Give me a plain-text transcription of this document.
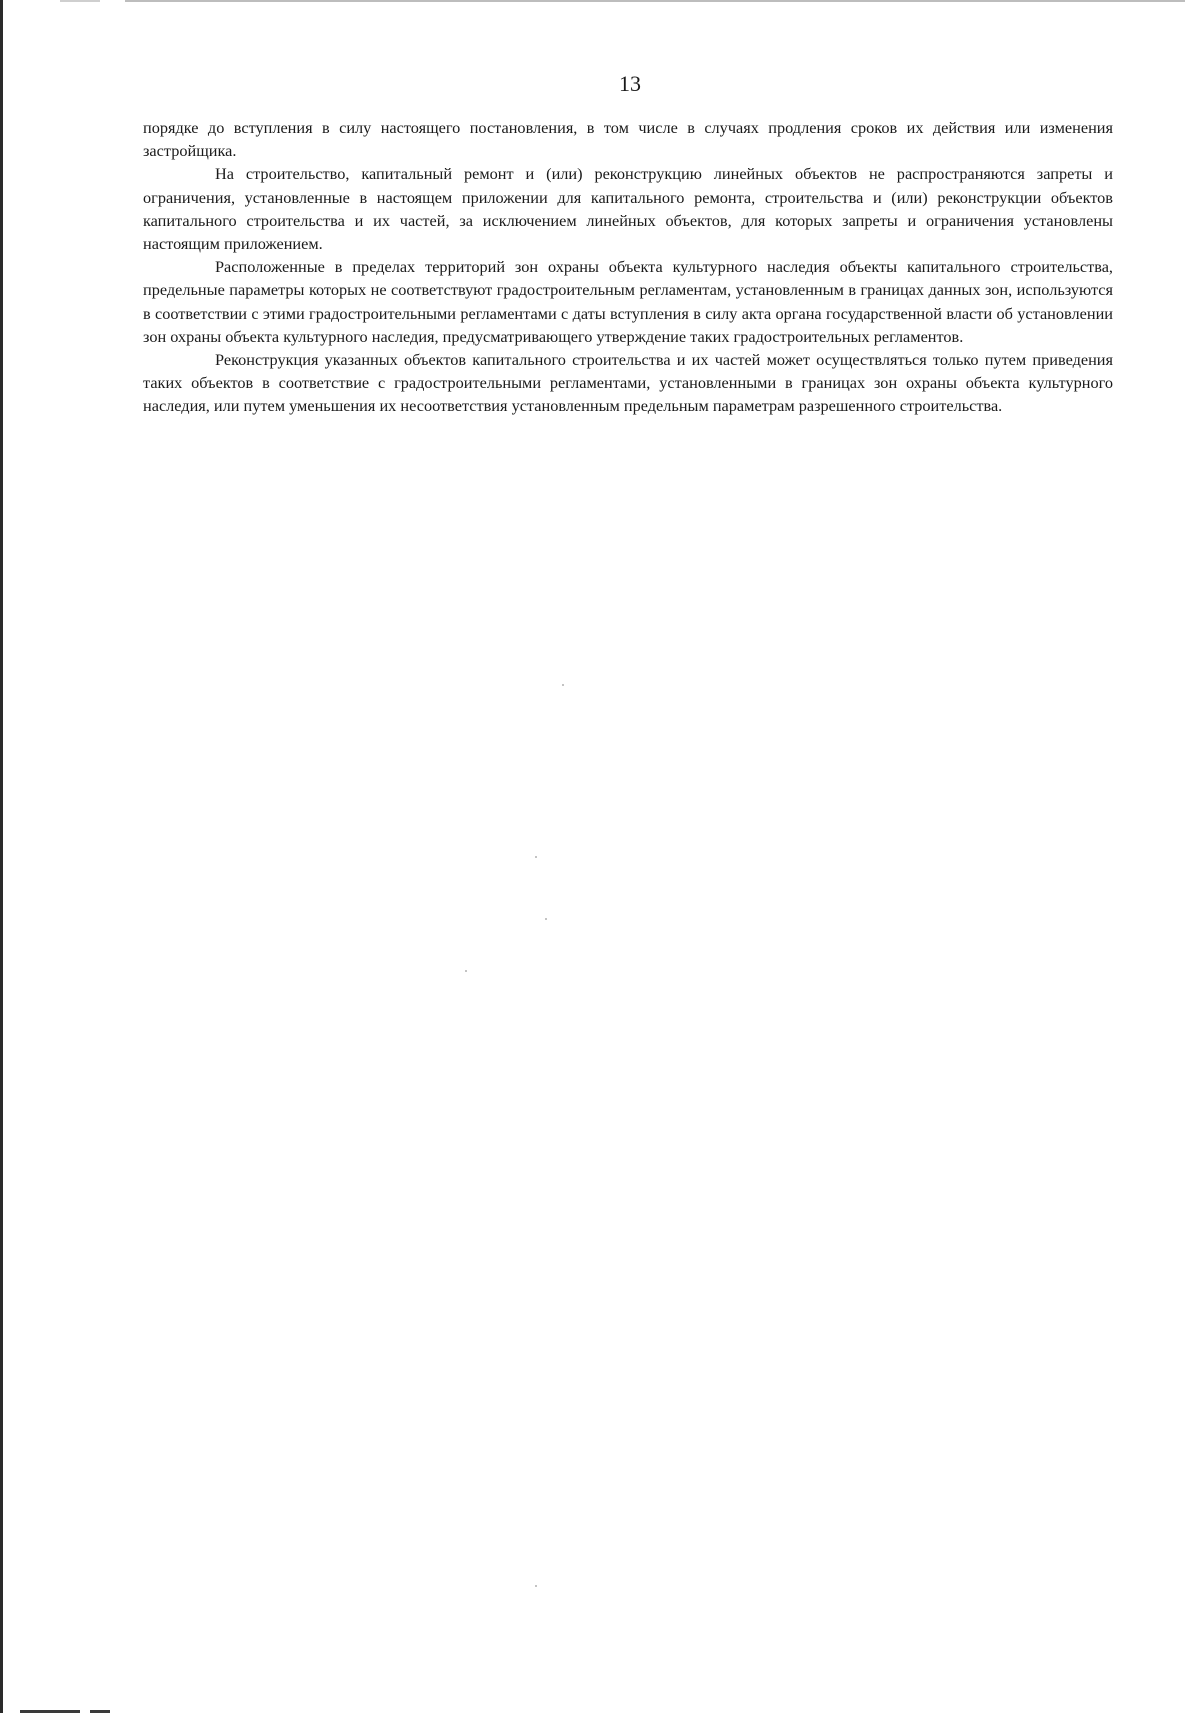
13

порядке до вступления в силу настоящего постановления, в том числе в случаях продления сроков их действия или изменения застройщика.

На строительство, капитальный ремонт и (или) реконструкцию линейных объектов не распространяются запреты и ограничения, установленные в настоящем приложении для капитального ремонта, строительства и (или) реконструкции объектов капитального строительства и их частей, за исключением линейных объектов, для которых запреты и ограничения установлены настоящим приложением.

Расположенные в пределах территорий зон охраны объекта культурного наследия объекты капитального строительства, предельные параметры которых не соответствуют градостроительным регламентам, установленным в границах данных зон, используются в соответствии с этими градостроительными регламентами с даты вступления в силу акта органа государственной власти об установлении зон охраны объекта культурного наследия, предусматривающего утверждение таких градостроительных регламентов.

Реконструкция указанных объектов капитального строительства и их частей может осуществляться только путем приведения таких объектов в соответствие с градостроительными регламентами, установленными в границах зон охраны объекта культурного наследия, или путем уменьшения их несоответствия установленным предельным параметрам разрешенного строительства.
